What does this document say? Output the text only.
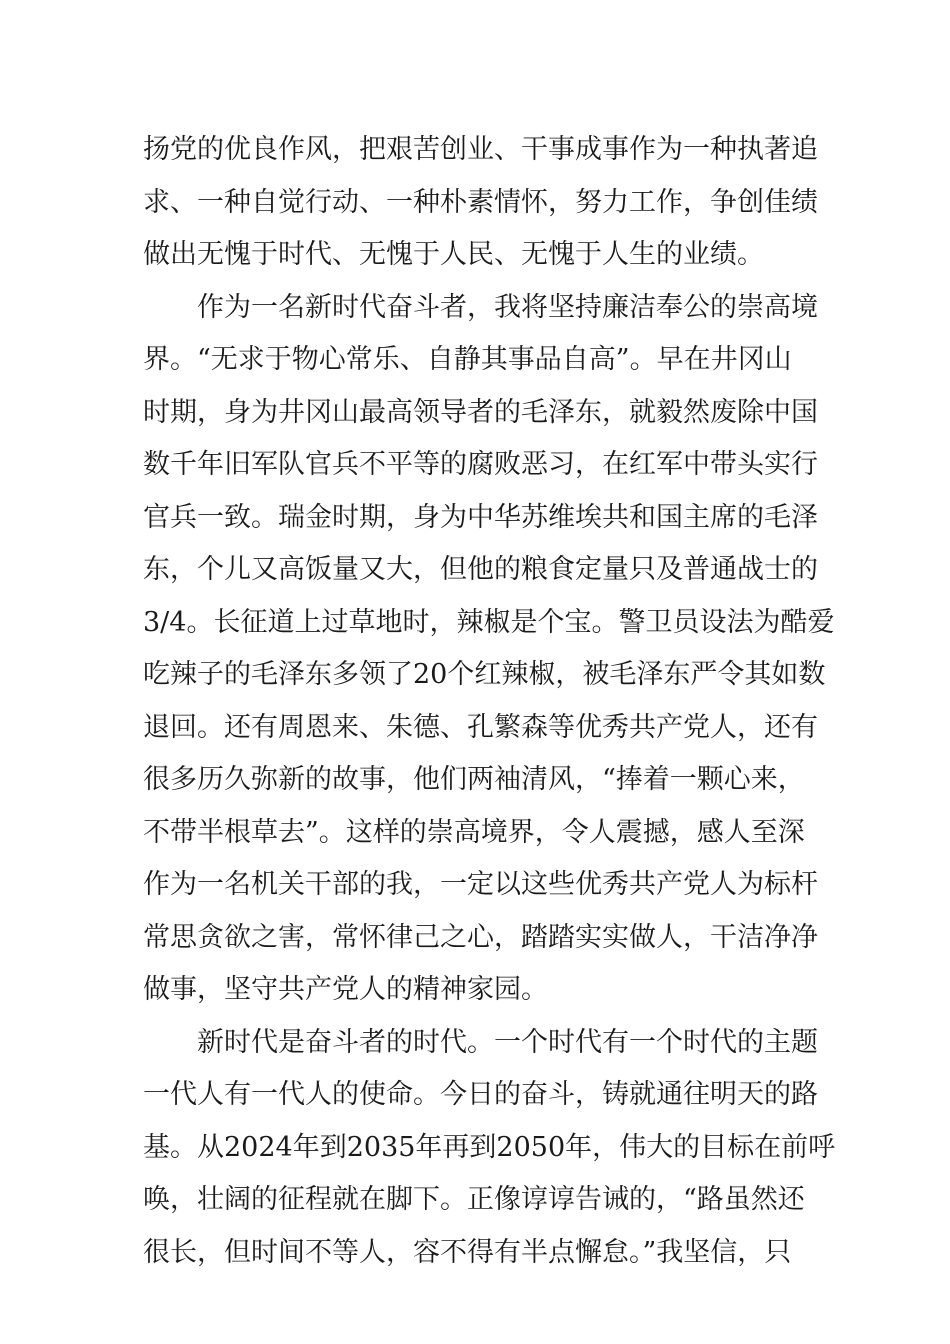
扬党的优良作风，把艰苦创业、干事成事作为一种执著追
求、一种自觉行动、一种朴素情怀，努力工作，争创佳绩
做出无愧于时代、无愧于人民、无愧于人生的业绩。
作为一名新时代奋斗者，我将坚持廉洁奉公的崇高境
界。“无求于物心常乐、自静其事品自高”。早在井冈山
时期，身为井冈山最高领导者的毛泽东，就毅然废除中国
数千年旧军队官兵不平等的腐败恶习，在红军中带头实行
官兵一致。瑞金时期，身为中华苏维埃共和国主席的毛泽
东，个儿又高饭量又大，但他的粮食定量只及普通战士的
3/4。长征道上过草地时，辣椒是个宝。警卫员设法为酷爱
吃辣子的毛泽东多领了20个红辣椒，被毛泽东严令其如数
退回。还有周恩来、朱德、孔繁森等优秀共产党人，还有
很多历久弥新的故事，他们两袖清风，“捧着一颗心来，
不带半根草去”。这样的崇高境界，令人震撼，感人至深
作为一名机关干部的我，一定以这些优秀共产党人为标杆
常思贪欲之害，常怀律己之心，踏踏实实做人，干洁净净
做事，坚守共产党人的精神家园。
新时代是奋斗者的时代。一个时代有一个时代的主题
一代人有一代人的使命。今日的奋斗，铸就通往明天的路
基。从2024年到2035年再到2050年，伟大的目标在前呼
唤，壮阔的征程就在脚下。正像谆谆告诫的，“路虽然还
很长，但时间不等人，容不得有半点懈怠。”我坚信，只
